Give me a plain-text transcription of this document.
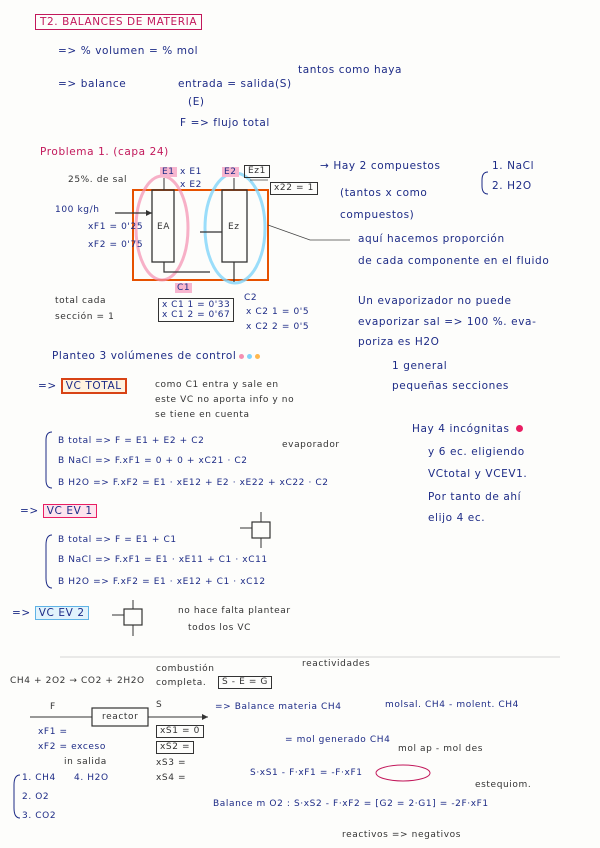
T2. BALANCES DE MATERIA
=> % volumen = % mol
=> balance	entrada = salida(S)
tantos como haya
(E)
F => flujo total
Problema 1. (capa 24)
25%. de sal
100 kg/h
xF1 = 0'25
xF2 = 0'75
E1 x E1
x E2
E2	Ez1
x22 = 1
EA	Ez
C1
C2
total cada sección = 1
x C1 1 = 0'33
x C1 2 = 0'67 x C2 1 = 0'5
x C2 2 = 0'5
→ Hay 2 compuestos	1. NaCl
2. H2O
(tantos x como compuestos)
aquí hacemos proporción
de cada componente en el fluido
Un evaporizador no puede
evaporizar sal => 100 %. eva-
poriza es H2O
Planteo 3 volúmenes de control
1 general
pequeñas secciones
=> VC TOTAL	como C1 entra y sale en
este VC no aporta info y no
se tiene en cuenta
B total => F = E1 + E2 + C2	evaporador
B NaCl => F.xF1 = 0 + 0 + xC21 · C2
B H2O => F.xF2 = E1 · xE12 + E2 · xE22 + xC22 · C2
Hay 4 incógnitas
y 6 ec. eligiendo
VCtotal y VCEV1.
Por tanto de ahí
elijo 4 ec.
=> VC EV 1
B total => F = E1 + C1
B NaCl => F.xF1 = E1 · xE11 + C1 · xC11
B H2O => F.xF2 = E1 · xE12 + C1 · xC12
=> VC EV 2	no hace falta plantear
todos los VC
CH4 + 2O2 → CO2 + 2H2O
combustión completa.
reactividades
S - E = G
F
reactor
S
xF1 =
xF2 = exceso
in salida
xS1 = 0
xS2 =
xS3 =
xS4 =
1. CH4 4. H2O
2. O2
3. CO2
=> Balance materia CH4	molsal. CH4 - molent. CH4
= mol generado CH4
mol ap - mol des
S·xS1 - F·xF1 = -F·xF1
estequiom.
Balance m O2 : S·xS2 - F·xF2 = [G2 = 2·G1] = -2F·xF1
reactivos => negativos
